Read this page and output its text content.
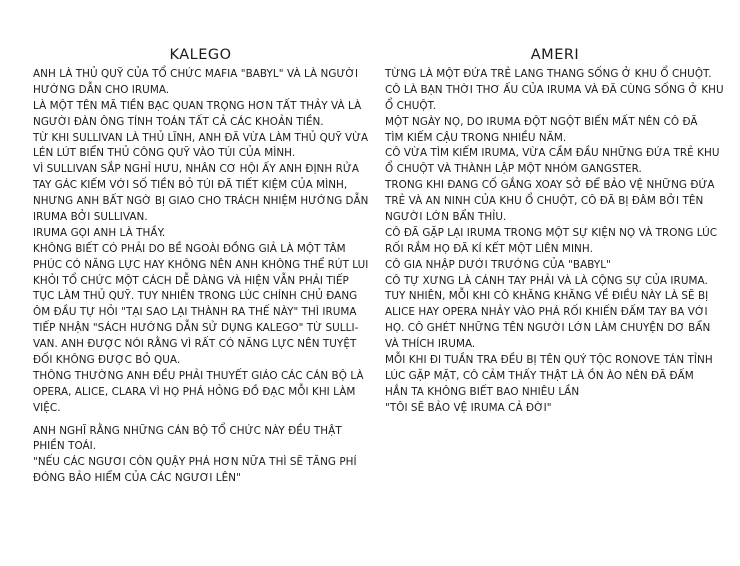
KALEGO
ANH LÀ THỦ QUỸ CỦA TỔ CHỨC MAFIA "BABYL" VÀ LÀ NGƯỜI
HƯỚNG DẪN CHO IRUMA.
LÀ MỘT TÊN MÃ TIỀN BẠC QUAN TRỌNG HƠN TẤT THẢY VÀ LÀ
NGƯỜI ĐÀN ÔNG TÍNH TOÁN TẤT CẢ CÁC KHOẢN TIỀN.
TỪ KHI SULLIVAN LÀ THỦ LĨNH, ANH ĐÃ VỪA LÀM THỦ QUỸ VỪA
LÉN LÚT BIỂN THỦ CÔNG QUỸ VÀO TÚI CỦA MÌNH.
VÌ SULLIVAN SẮP NGHỈ HƯU, NHÂN CƠ HỘI ẤY ANH ĐỊNH RỬA
TAY GÁC KIẾM VỚI SỐ TIỀN BỎ TÚI ĐÃ TIẾT KIỆM CỦA MÌNH,
NHƯNG ANH BẤT NGỜ BỊ GIAO CHO TRÁCH NHIỆM HƯỚNG DẪN
IRUMA BỞI SULLIVAN.
IRUMA GỌI ANH LÀ THẦY.
KHÔNG BIẾT CÓ PHẢI DO BỀ NGOÀI ĐỒNG GIẢ LÀ MỘT TÂM
PHÚC CÓ NĂNG LỰC HAY KHÔNG NÊN ANH KHÔNG THỂ RÚT LUI
KHỎI TỔ CHỨC MỘT CÁCH DỄ DÀNG VÀ HIỆN VẪN PHẢI TIẾP
TỤC LÀM THỦ QUỸ. TUY NHIÊN TRONG LÚC CHÍNH CHỦ ĐANG
ÔM ĐẦU TỰ HỎI "TẠI SAO LẠI THÀNH RA THẾ NÀY" THÌ IRUMA
TIẾP NHẬN "SÁCH HƯỚNG DẪN SỬ DỤNG KALEGO" TỪ SULLI-
VAN. ANH ĐƯỢC NÓI RẰNG VÌ RẤT CÓ NĂNG LỰC NÊN TUYỆT
ĐỐI KHÔNG ĐƯỢC BỎ QUA.
THÔNG THƯỜNG ANH ĐỀU PHẢI THUYẾT GIÁO CÁC CÁN BỘ LÀ
OPERA, ALICE, CLARA VÌ HỌ PHÁ HỎNG ĐỒ ĐẠC MỖI KHI LÀM
VIỆC.
ANH NGHĨ RẰNG NHỮNG CÁN BỘ TỔ CHỨC NÀY ĐỀU THẬT
PHIỀN TOÁI.
"NẾU CÁC NGƯƠI CÒN QUẬY PHÁ HƠN NỮA THÌ SẼ TĂNG PHÍ
ĐÓNG BẢO HIỂM CỦA CÁC NGƯƠI LÊN"
AMERI
TỪNG LÀ MỘT ĐỨA TRẺ LANG THANG SỐNG Ở KHU Ổ CHUỘT.
CÔ LÀ BẠN THỜI THƠ ẤU CỦA IRUMA VÀ ĐÃ CÙNG SỐNG Ở KHU
Ổ CHUỘT.
MỘT NGÀY NỌ, DO IRUMA ĐỘT NGỘT BIẾN MẤT NÊN CÔ ĐÃ
TÌM KIẾM CẬU TRONG NHIỀU NĂM.
CÔ VỪA TÌM KIẾM IRUMA, VỪA CẦM ĐẦU NHỮNG ĐỨA TRẺ KHU
Ổ CHUỘT VÀ THÀNH LẬP MỘT NHÓM GANGSTER.
TRONG KHI ĐANG CỐ GẮNG XOAY SỞ ĐỂ BẢO VỆ NHỮNG ĐỨA
TRẺ VÀ AN NINH CỦA KHU Ổ CHUỘT, CÔ ĐÃ BỊ ĐÂM BỞI TÊN
NGƯỜI LỚN BẨN THỈU.
CÔ ĐÃ GẶP LẠI IRUMA TRONG MỘT SỰ KIỆN NỌ VÀ TRONG LÚC
RỐI RẮM HỌ ĐÃ KÍ KẾT MỘT LIÊN MINH.
CÔ GIA NHẬP DƯỚI TRƯỚNG CỦA "BABYL"
CÔ TỰ XƯNG LÀ CÁNH TAY PHẢI VÀ LÀ CỘNG SỰ CỦA IRUMA.
TUY NHIÊN, MỖI KHI CÔ KHĂNG KHĂNG VỀ ĐIỀU NÀY LÀ SẼ BỊ
ALICE HAY OPERA NHẢY VÀO PHÁ RỐI KHIẾN ĐẤM TAY BA VỚI
HỌ. CÔ GHÉT NHỮNG TÊN NGƯỜI LỚN LÀM CHUYỆN DƠ BẨN
VÀ THÍCH IRUMA.
MỖI KHI ĐI TUẦN TRA ĐỀU BỊ TÊN QUÝ TỘC RONOVE TÁN TỈNH
LÚC GẶP MẶT, CÔ CẢM THẤY THẬT LÀ ỒN ÀO NÊN ĐÃ ĐẤM
HẮN TA KHÔNG BIẾT BAO NHIÊU LẦN
"TÔI SẼ BẢO VỆ IRUMA CẢ ĐỜI"
